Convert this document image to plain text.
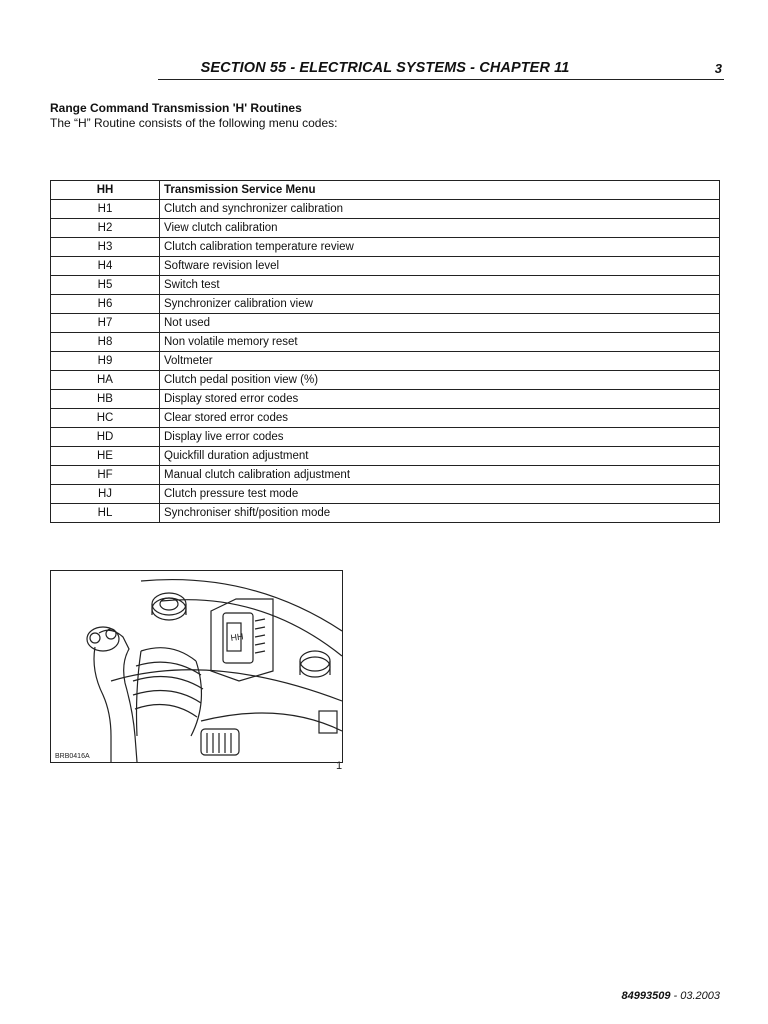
SECTION 55 - ELECTRICAL SYSTEMS - CHAPTER 11	3
Range Command Transmission 'H' Routines
The “H” Routine consists of the following menu codes:
HH	Transmission Service Menu
H1	Clutch and synchronizer calibration
H2	View clutch calibration
H3	Clutch calibration temperature review
H4	Software revision level
H5	Switch test
H6	Synchronizer calibration view
H7	Not used
H8	Non volatile memory reset
H9	Voltmeter
HA	Clutch pedal position view (%)
HB	Display stored error codes
HC	Clear stored error codes
HD	Display live error codes
HE	Quickfill duration adjustment
HF	Manual clutch calibration adjustment
HJ	Clutch pressure test mode
HL	Synchroniser shift/position mode
HH
BRB0416A
1
84993509 - 03.2003
